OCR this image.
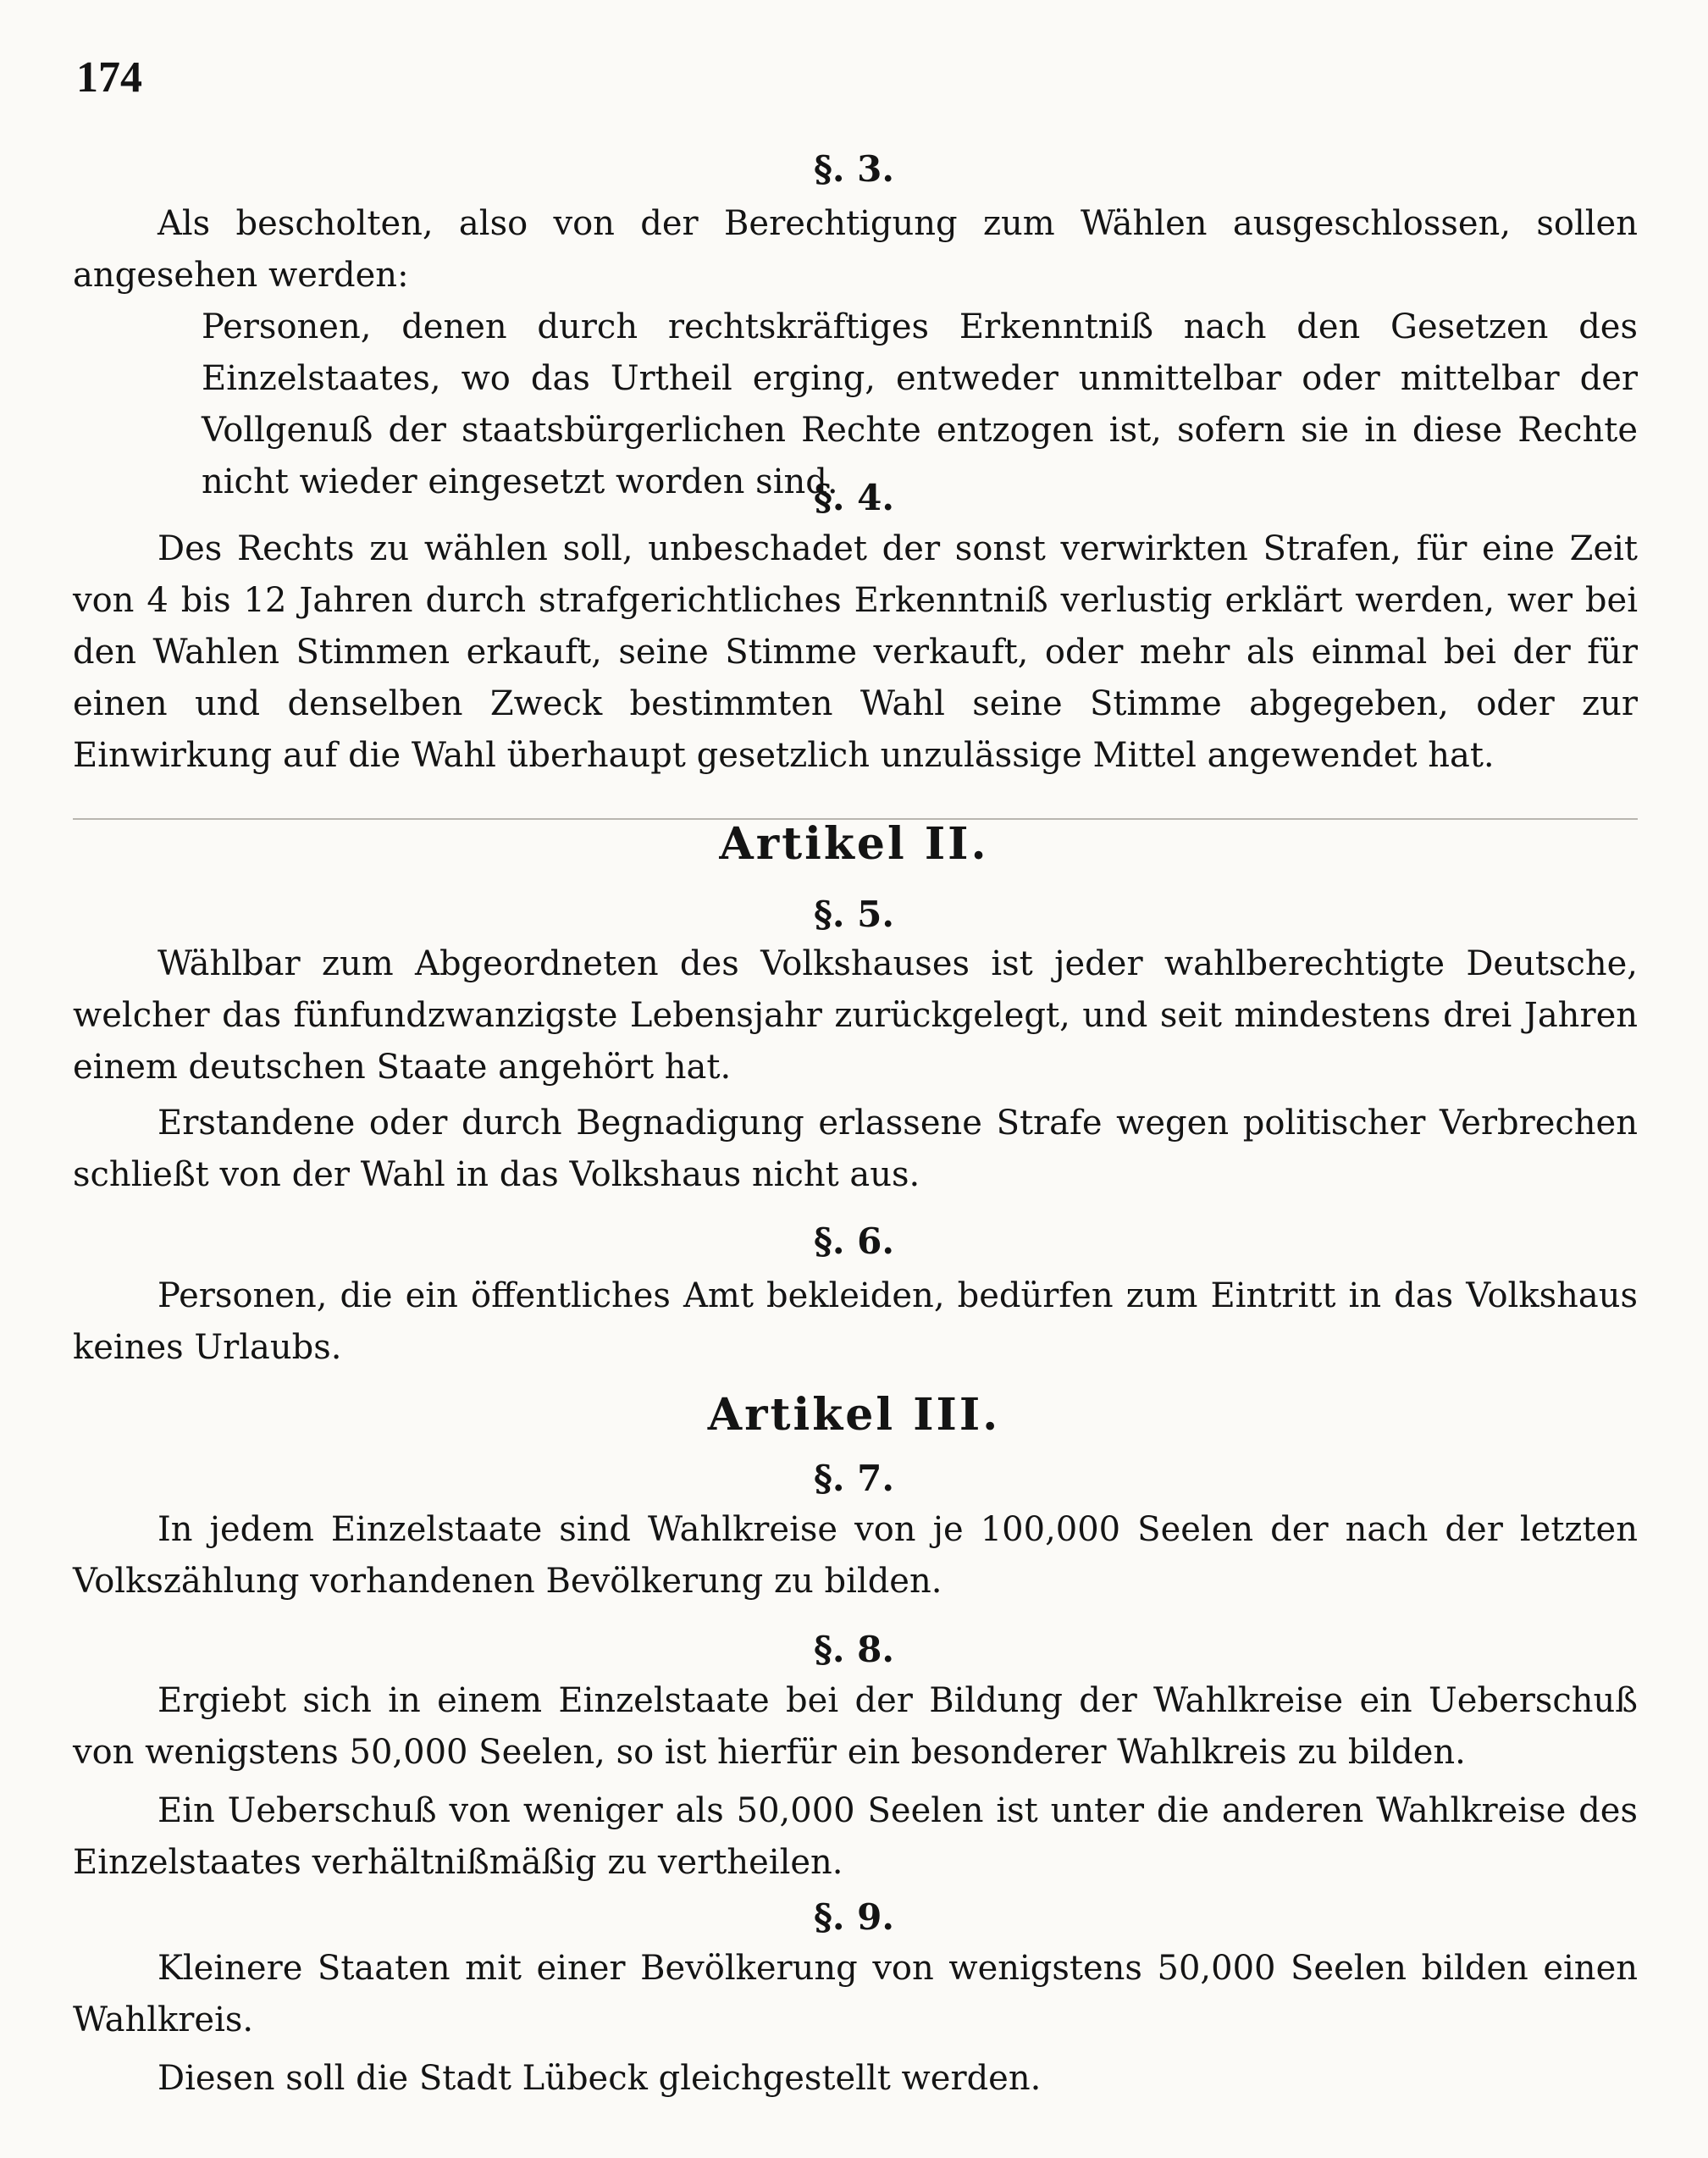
174
§. 3.
Als bescholten, also von der Berechtigung zum Wählen ausgeschlossen, sollen angesehen werden:
Personen, denen durch rechtskräftiges Erkenntniß nach den Gesetzen des Einzelstaates, wo das Urtheil erging, entweder unmittelbar oder mittelbar der Vollgenuß der staatsbürgerlichen Rechte entzogen ist, sofern sie in diese Rechte nicht wieder eingesetzt worden sind.
§. 4.
Des Rechts zu wählen soll, unbeschadet der sonst verwirkten Strafen, für eine Zeit von 4 bis 12 Jahren durch strafgerichtliches Erkenntniß verlustig erklärt werden, wer bei den Wahlen Stimmen erkauft, seine Stimme verkauft, oder mehr als einmal bei der für einen und denselben Zweck bestimmten Wahl seine Stimme abgegeben, oder zur Einwirkung auf die Wahl überhaupt gesetzlich unzulässige Mittel angewendet hat.
Artikel II.
§. 5.
Wählbar zum Abgeordneten des Volkshauses ist jeder wahlberechtigte Deutsche, welcher das fünfundzwanzigste Lebensjahr zurückgelegt, und seit mindestens drei Jahren einem deutschen Staate angehört hat.
Erstandene oder durch Begnadigung erlassene Strafe wegen politischer Verbrechen schließt von der Wahl in das Volkshaus nicht aus.
§. 6.
Personen, die ein öffentliches Amt bekleiden, bedürfen zum Eintritt in das Volkshaus keines Urlaubs.
Artikel III.
§. 7.
In jedem Einzelstaate sind Wahlkreise von je 100,000 Seelen der nach der letzten Volkszählung vorhandenen Bevölkerung zu bilden.
§. 8.
Ergiebt sich in einem Einzelstaate bei der Bildung der Wahlkreise ein Ueberschuß von wenigstens 50,000 Seelen, so ist hierfür ein besonderer Wahlkreis zu bilden.
Ein Ueberschuß von weniger als 50,000 Seelen ist unter die anderen Wahlkreise des Einzelstaates verhältnißmäßig zu vertheilen.
§. 9.
Kleinere Staaten mit einer Bevölkerung von wenigstens 50,000 Seelen bilden einen Wahlkreis.
Diesen soll die Stadt Lübeck gleichgestellt werden.
